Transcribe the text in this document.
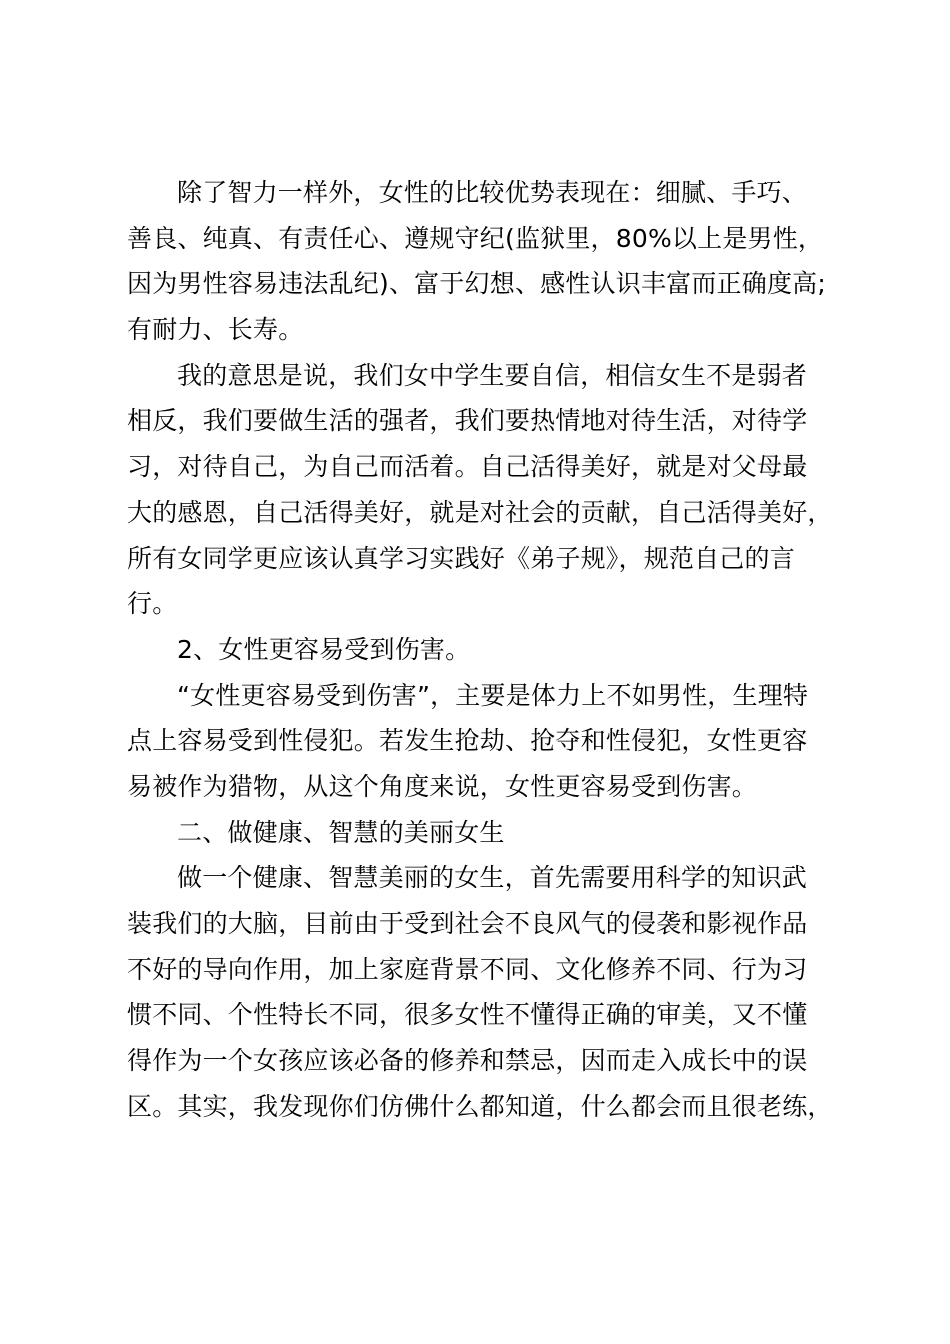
除了智力一样外，女性的比较优势表现在：细腻、手巧、
善良、纯真、有责任心、遵规守纪(监狱里，80%以上是男性，
因为男性容易违法乱纪)、富于幻想、感性认识丰富而正确度高;
有耐力、长寿。
我的意思是说，我们女中学生要自信，相信女生不是弱者
相反，我们要做生活的强者，我们要热情地对待生活，对待学
习，对待自己，为自己而活着。自己活得美好，就是对父母最
大的感恩，自己活得美好，就是对社会的贡献，自己活得美好，
所有女同学更应该认真学习实践好《弟子规》，规范自己的言
行。
2、女性更容易受到伤害。
“女性更容易受到伤害”，主要是体力上不如男性，生理特
点上容易受到性侵犯。若发生抢劫、抢夺和性侵犯，女性更容
易被作为猎物，从这个角度来说，女性更容易受到伤害。
二、做健康、智慧的美丽女生
做一个健康、智慧美丽的女生，首先需要用科学的知识武
装我们的大脑，目前由于受到社会不良风气的侵袭和影视作品
不好的导向作用，加上家庭背景不同、文化修养不同、行为习
惯不同、个性特长不同，很多女性不懂得正确的审美，又不懂
得作为一个女孩应该必备的修养和禁忌，因而走入成长中的误
区。其实，我发现你们仿佛什么都知道，什么都会而且很老练，
